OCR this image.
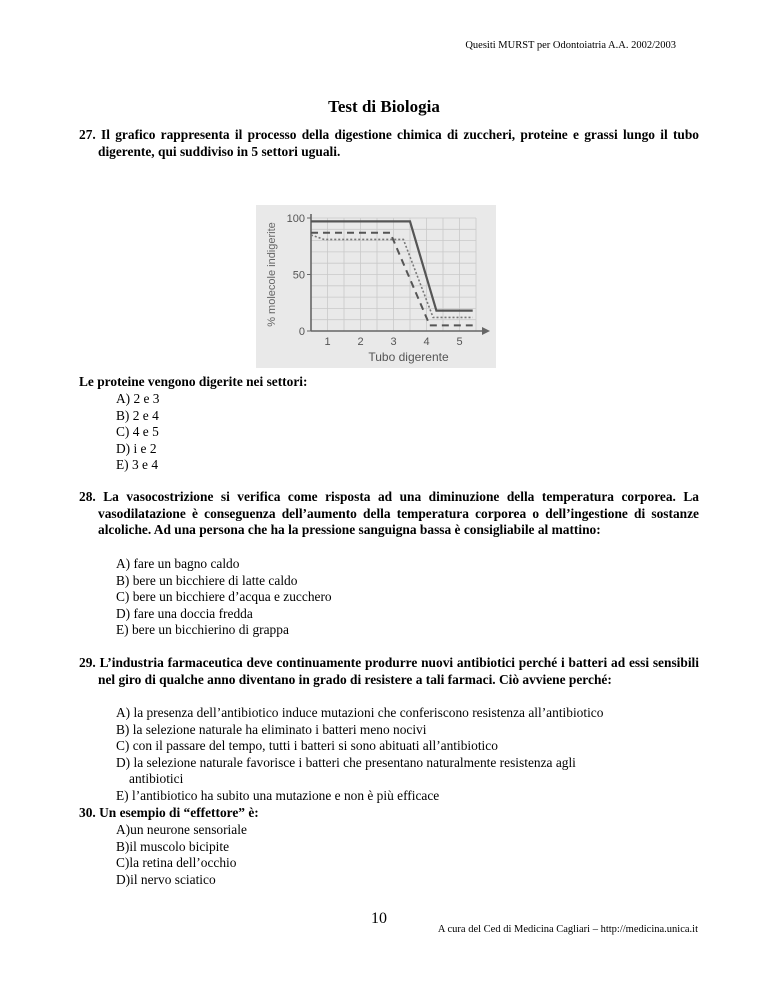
Quesiti MURST per Odontoiatria A.A. 2002/2003
Test di Biologia
27. Il grafico rappresenta il processo della digestione chimica di zuccheri, proteine e grassi lungo il tubo digerente, qui suddiviso in 5 settori uguali.
0
50
100
1 2 3 4 5
Tubo digerente
% molecole indigerite
Le proteine vengono digerite nei settori:
A) 2 e 3
B) 2 e 4
C) 4 e 5
D) i e 2
E) 3 e 4
28. La vasocostrizione si verifica come risposta ad una diminuzione della temperatura corporea. La vasodilatazione è conseguenza dell’aumento della temperatura corporea o dell’ingestione di sostanze alcoliche. Ad una persona che ha la pressione sanguigna bassa è consigliabile al mattino:
A) fare un bagno caldo
B) bere un bicchiere di latte caldo
C) bere un bicchiere d’acqua e zucchero
D) fare una doccia fredda
E) bere un bicchierino di grappa
29. L’industria farmaceutica deve continuamente produrre nuovi antibiotici perché i batteri ad essi sensibili nel giro di qualche anno diventano in grado di resistere a tali farmaci. Ciò avviene perché:
A) la presenza dell’antibiotico induce mutazioni che conferiscono resistenza all’antibiotico
B) la selezione naturale ha eliminato i batteri meno nocivi
C) con il passare del tempo, tutti i batteri si sono abituati all’antibiotico
D) la selezione naturale favorisce i batteri che presentano naturalmente resistenza agli antibiotici
E) l’antibiotico ha subito una mutazione e non è più efficace
30. Un esempio di “effettore” è:
A)un neurone sensoriale
B)il muscolo bicipite
C)la retina dell’occhio
D)il nervo sciatico
10
A cura del Ced di Medicina Cagliari – http://medicina.unica.it
